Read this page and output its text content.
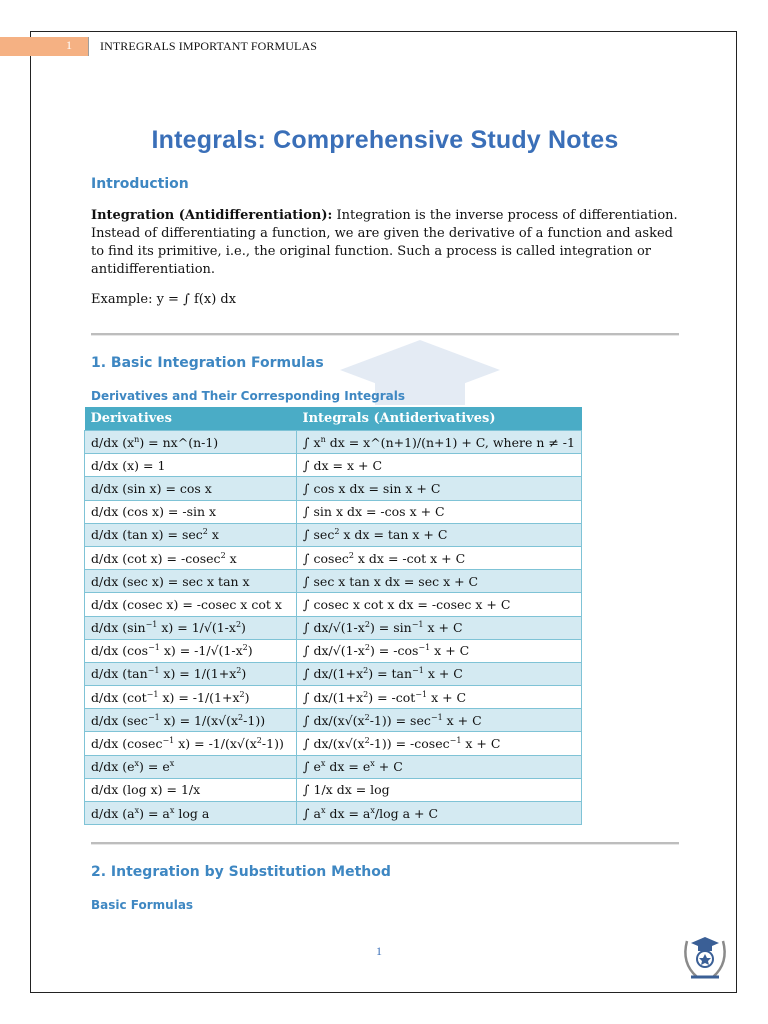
1 INTREGRALS IMPORTANT FORMULAS
Integrals: Comprehensive Study Notes
Introduction
Integration (Antidifferentiation): Integration is the inverse process of differentiation. Instead of differentiating a function, we are given the derivative of a function and asked to find its primitive, i.e., the original function. Such a process is called integration or antidifferentiation.
Example: y = ∫ f(x) dx
1. Basic Integration Formulas
Derivatives and Their Corresponding Integrals
Derivatives	Integrals (Antiderivatives)
d/dx $(x^n)$ = nx^(n-1)	∫ $x^n$ dx = x^(n+1)/(n+1) + C, where n ≠ -1
d/dx (x) = 1	∫ dx = x + C
d/dx (sin x) = cos x	∫ cos x dx = sin x + C
d/dx (cos x) = -sin x	∫ sin x dx = -cos x + C
d/dx (tan $x) = \sec^2 x$	∫ $\sec^2 x$ dx = tan x + C
d/dx (cot x) = -cosec$^2$ x	∫ cosec$^2$ x dx = -cot x + C
d/dx (sec x) = sec x tan x	∫ sec x tan x dx = sec x + C
d/dx (cosec x) = -cosec x cot x	∫ cosec x cot x dx = -cosec x + C
d/dx ($\sin^{-1}$ $x) = 1/√(1-x^2)$	∫ $dx/√(1-x^2) = \sin^{-1} x + C$
d/dx ($\cos^{-1}$ $x) = -1/√(1-x^2)$	∫ $dx/√(1-x^2) = -\cos^{-1}$ x + C
d/dx ($\tan^{-1}$ $x) = 1/(1+x^2)$	∫ $dx/(1+x^2) = \tan^{-1} x + C$
d/dx ($\cot^{-1}$ $x) = -1/(1+x^2)$	∫ $dx/(1+x^2) = -\cot^{-1}$ x + C
d/dx ($\sec^{-1}$ $x) = 1/(x√(x^2-1))$	∫ $dx/(x√(x^2-1)) = \sec^{-1} x + C$
d/dx (cosec$^{-1}$ $x) = -1/(x√(x^2-1))$	∫ $dx/(x√(x^2-1)) = -cosec^{-1}$ x + C
d/dx $(e^x) = e^x$	∫ $e^x$ dx = $e^x + C$
d/dx (log x) = 1/x	∫ 1/x dx = log
d/dx $(a^x) = a^x$ log a	∫ $a^x$ dx = $a^x/\log$ a + C
2. Integration by Substitution Method
Basic Formulas
1
